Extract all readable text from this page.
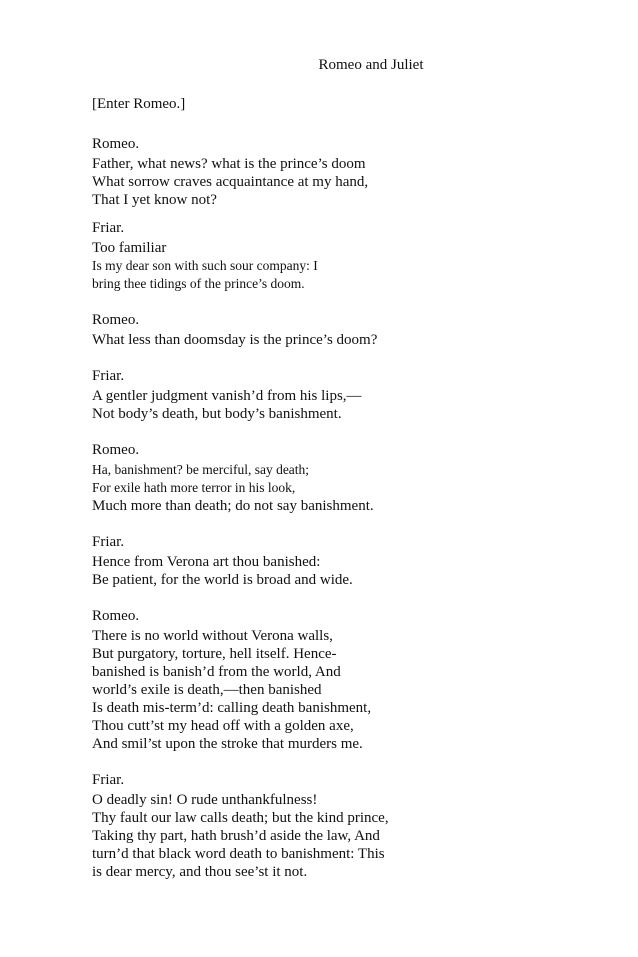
Romeo and Juliet
[Enter Romeo.]
Romeo.
Father, what news? what is the prince’s doom
What sorrow craves acquaintance at my hand,
That I yet know not?
Friar.
Too familiar
Is my dear son with such sour company: I
bring thee tidings of the prince’s doom.
Romeo.
What less than doomsday is the prince’s doom?
Friar.
A gentler judgment vanish’d from his lips,—
Not body’s death, but body’s banishment.
Romeo.
Ha, banishment? be merciful, say death;
For exile hath more terror in his look,
Much more than death; do not say banishment.
Friar.
Hence from Verona art thou banished:
Be patient, for the world is broad and wide.
Romeo.
There is no world without Verona walls,
But purgatory, torture, hell itself. Hence-
banished is banish’d from the world, And
world’s exile is death,—then banished
Is death mis-term’d: calling death banishment,
Thou cutt’st my head off with a golden axe,
And smil’st upon the stroke that murders me.
Friar.
O deadly sin! O rude unthankfulness!
Thy fault our law calls death; but the kind prince,
Taking thy part, hath brush’d aside the law, And
turn’d that black word death to banishment: This
is dear mercy, and thou see’st it not.
